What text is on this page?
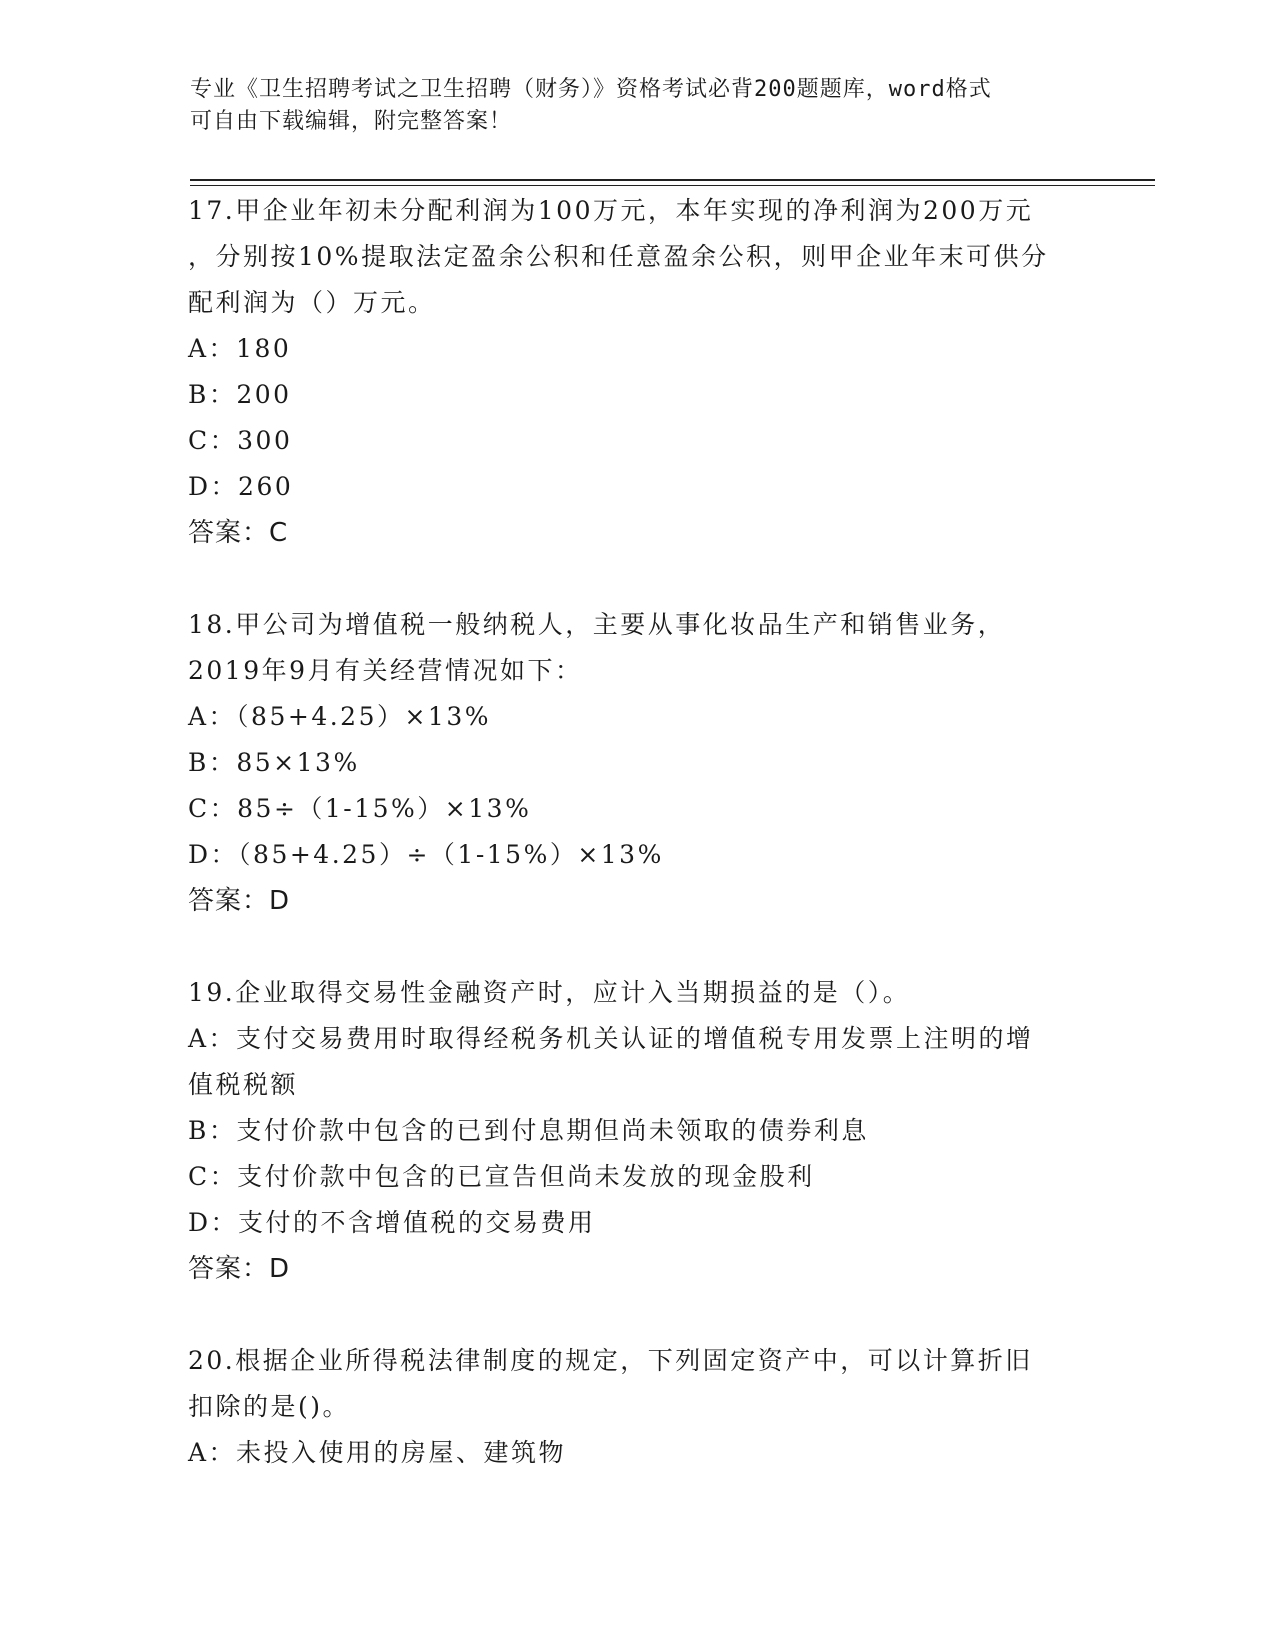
专业《卫生招聘考试之卫生招聘（财务）》资格考试必背200题题库，word格式
可自由下载编辑，附完整答案！
17.甲企业年初未分配利润为100万元，本年实现的净利润为200万元
，分别按10%提取法定盈余公积和任意盈余公积，则甲企业年末可供分
配利润为（）万元。
A：180
B：200
C：300
D：260
答案：C
18.甲公司为增值税一般纳税人，主要从事化妆品生产和销售业务，
2019年9月有关经营情况如下：
A：（85+4.25）×13%
B：85×13%
C：85÷（1-15%）×13%
D：（85+4.25）÷（1-15%）×13%
答案：D
19.企业取得交易性金融资产时，应计入当期损益的是（）。
A：支付交易费用时取得经税务机关认证的增值税专用发票上注明的增
值税税额
B：支付价款中包含的已到付息期但尚未领取的债券利息
C：支付价款中包含的已宣告但尚未发放的现金股利
D：支付的不含增值税的交易费用
答案：D
20.根据企业所得税法律制度的规定，下列固定资产中，可以计算折旧
扣除的是()。
A：未投入使用的房屋、建筑物
